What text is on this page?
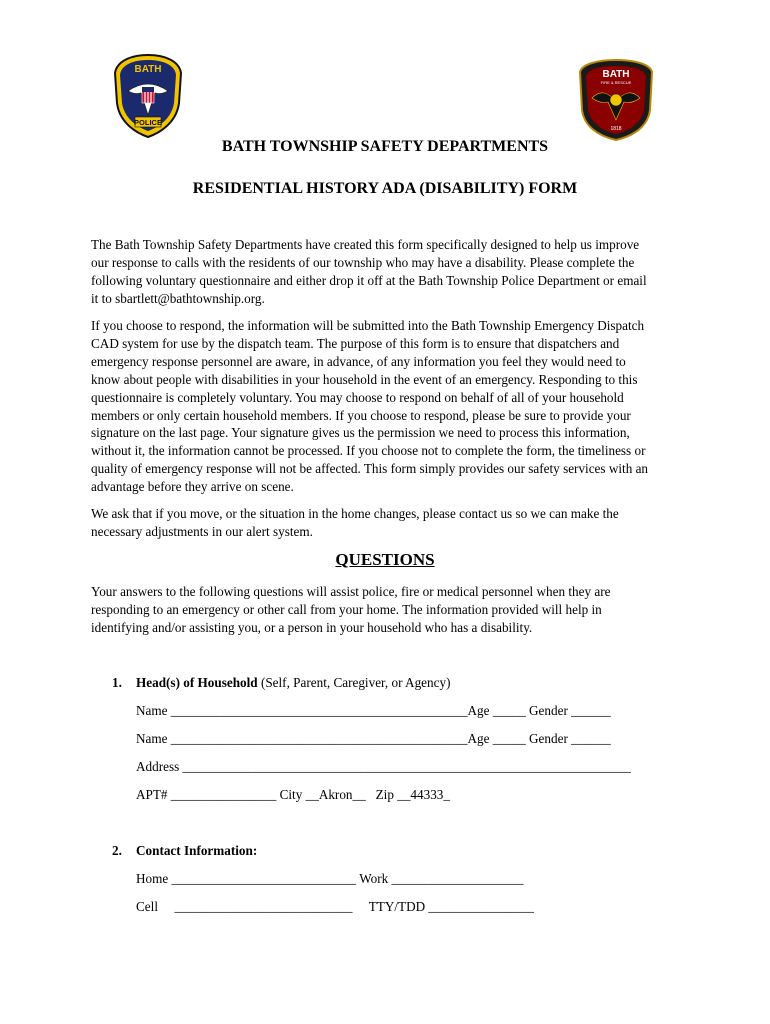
BATH
POLICE
BATH
FIRE & RESCUE
1818
BATH TOWNSHIP SAFETY DEPARTMENTS
RESIDENTIAL HISTORY ADA (DISABILITY) FORM
The Bath Township Safety Departments have created this form specifically designed to help us improve
our response to calls with the residents of our township who may have a disability. Please complete the
following voluntary questionnaire and either drop it off at the Bath Township Police Department or email
it to sbartlett@bathtownship.org.
If you choose to respond, the information will be submitted into the Bath Township Emergency Dispatch
CAD system for use by the dispatch team. The purpose of this form is to ensure that dispatchers and
emergency response personnel are aware, in advance, of any information you feel they would need to
know about people with disabilities in your household in the event of an emergency. Responding to this
questionnaire is completely voluntary. You may choose to respond on behalf of all of your household
members or only certain household members. If you choose to respond, please be sure to provide your
signature on the last page. Your signature gives us the permission we need to process this information,
without it, the information cannot be processed. If you choose not to complete the form, the timeliness or
quality of emergency response will not be affected. This form simply provides our safety services with an
advantage before they arrive on scene.
We ask that if you move, or the situation in the home changes, please contact us so we can make the
necessary adjustments in our alert system.
QUESTIONS
Your answers to the following questions will assist police, fire or medical personnel when they are
responding to an emergency or other call from your home. The information provided will help in
identifying and/or assisting you, or a person in your household who has a disability.
1. Head(s) of Household (Self, Parent, Caregiver, or Agency)
Name _____________________________________________Age _____ Gender ______
Name _____________________________________________Age _____ Gender ______
Address ____________________________________________________________________
APT# ________________ City __Akron__   Zip __44333_
2. Contact Information:
Home ____________________________ Work ____________________
Cell     ___________________________     TTY/TDD ________________
